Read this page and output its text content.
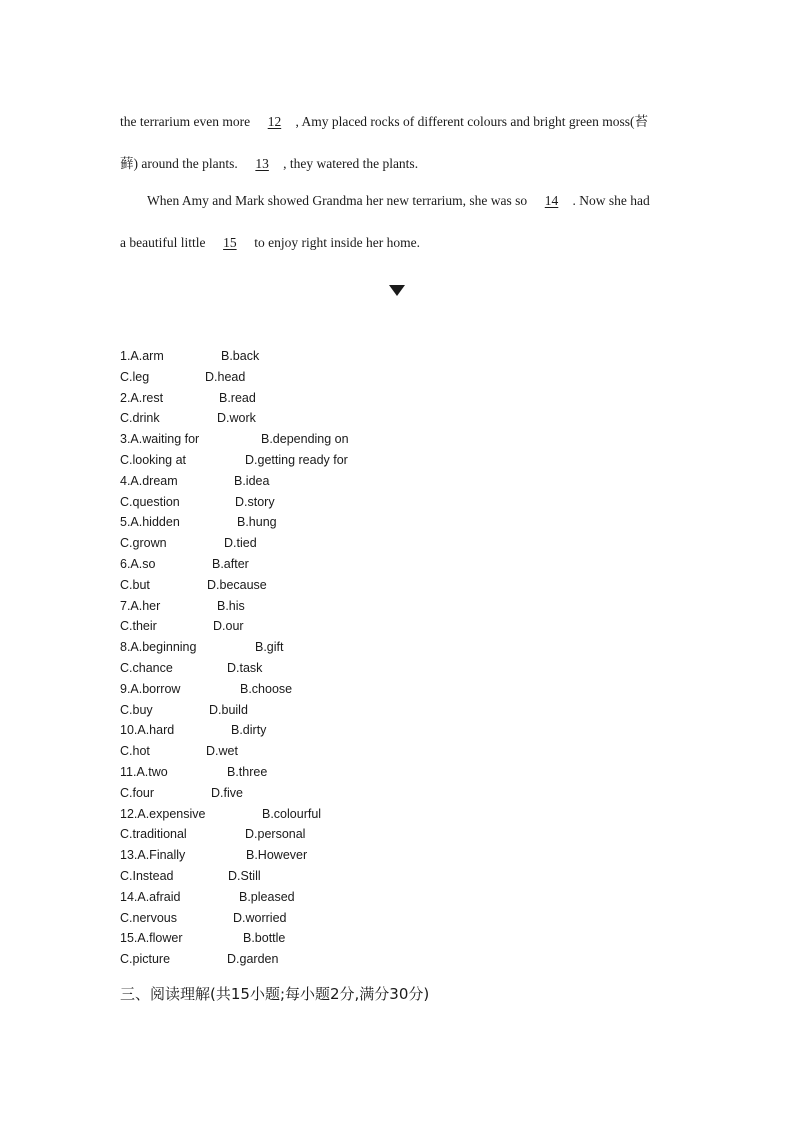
the terrarium even more 12 , Amy placed rocks of different colours and bright green moss(苔
藓) around the plants. 13 , they watered the plants.
When Amy and Mark showed Grandma her new terrarium, she was so 14 . Now she had
a beautiful little 15 to enjoy right inside her home.
1.A.arm	B.back
C.leg	D.head
2.A.rest	B.read
C.drink	D.work
3.A.waiting for	B.depending on
C.looking at	D.getting ready for
4.A.dream	B.idea
C.question	D.story
5.A.hidden	B.hung
C.grown	D.tied
6.A.so	B.after
C.but	D.because
7.A.her	B.his
C.their	D.our
8.A.beginning	B.gift
C.chance	D.task
9.A.borrow	B.choose
C.buy	D.build
10.A.hard	B.dirty
C.hot	D.wet
11.A.two	B.three
C.four	D.five
12.A.expensive	B.colourful
C.traditional	D.personal
13.A.Finally	B.However
C.Instead	D.Still
14.A.afraid	B.pleased
C.nervous	D.worried
15.A.flower	B.bottle
C.picture	D.garden
三、阅读理解(共15小题;每小题2分,满分30分)
